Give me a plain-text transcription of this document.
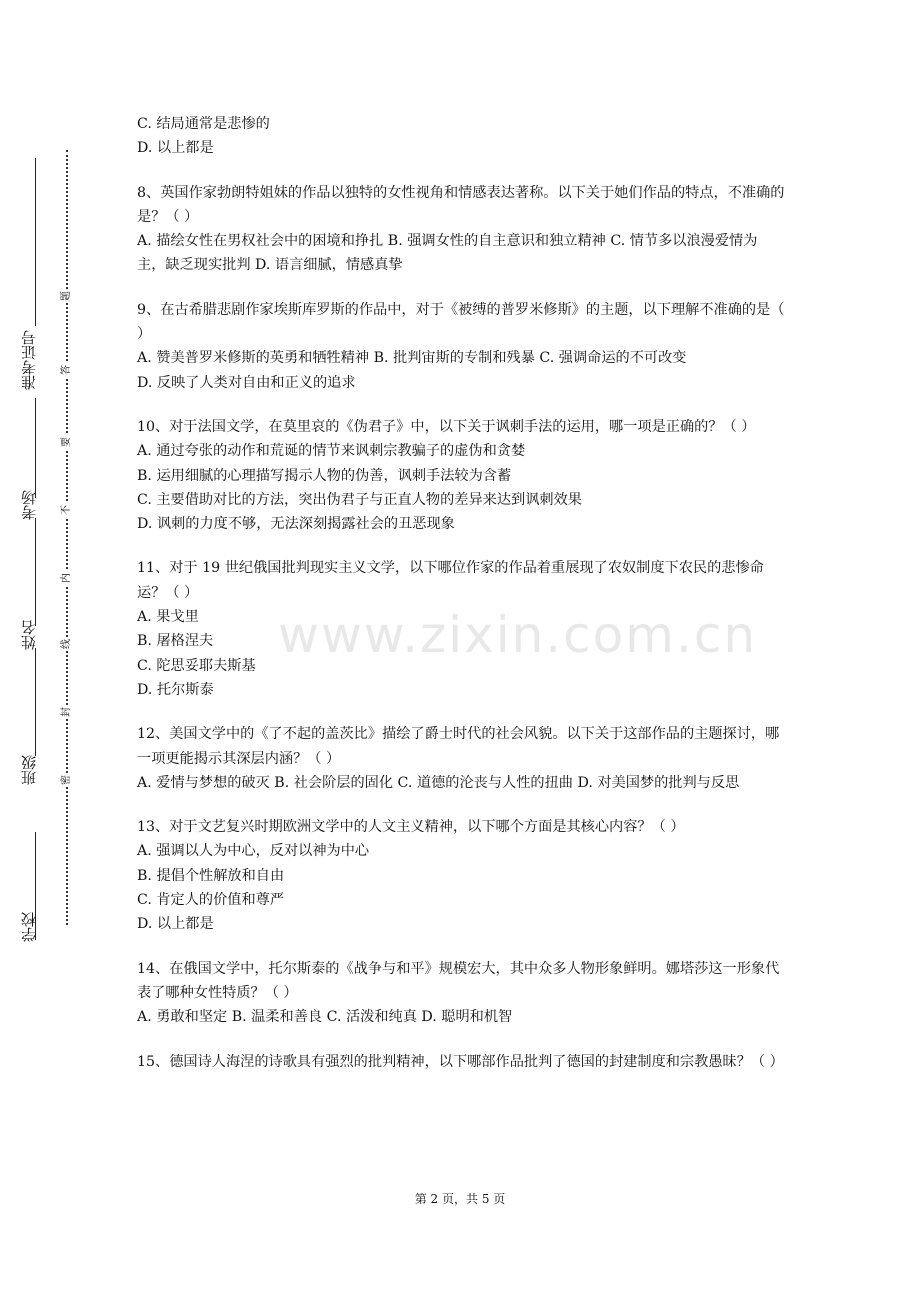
学校
班级
姓名
考场
准考证号
密
封
线
内
不
要
答
题
www.zixin.com.cn

C. 结局通常是悲惨的
D. 以上都是

8、英国作家勃朗特姐妹的作品以独特的女性视角和情感表达著称。以下关于她们作品的特点，不准确的是？（ ）

A. 描绘女性在男权社会中的困境和挣扎 B. 强调女性的自主意识和独立精神 C. 情节多以浪漫爱情为主，缺乏现实批判 D. 语言细腻，情感真挚

9、在古希腊悲剧作家埃斯库罗斯的作品中，对于《被缚的普罗米修斯》的主题，以下理解不准确的是（ ）

A. 赞美普罗米修斯的英勇和牺牲精神 B. 批判宙斯的专制和残暴 C. 强调命运的不可改变
D. 反映了人类对自由和正义的追求

10、对于法国文学，在莫里哀的《伪君子》中，以下关于讽刺手法的运用，哪一项是正确的？（ ）

A. 通过夸张的动作和荒诞的情节来讽刺宗教骗子的虚伪和贪婪
B. 运用细腻的心理描写揭示人物的伪善，讽刺手法较为含蓄
C. 主要借助对比的方法，突出伪君子与正直人物的差异来达到讽刺效果
D. 讽刺的力度不够，无法深刻揭露社会的丑恶现象

11、对于 19 世纪俄国批判现实主义文学，以下哪位作家的作品着重展现了农奴制度下农民的悲惨命运？（ ）

A. 果戈里
B. 屠格涅夫
C. 陀思妥耶夫斯基
D. 托尔斯泰

12、美国文学中的《了不起的盖茨比》描绘了爵士时代的社会风貌。以下关于这部作品的主题探讨，哪一项更能揭示其深层内涵？（ ）

A. 爱情与梦想的破灭 B. 社会阶层的固化 C. 道德的沦丧与人性的扭曲 D. 对美国梦的批判与反思

13、对于文艺复兴时期欧洲文学中的人文主义精神，以下哪个方面是其核心内容？（ ）

A. 强调以人为中心，反对以神为中心
B. 提倡个性解放和自由
C. 肯定人的价值和尊严
D. 以上都是

14、在俄国文学中，托尔斯泰的《战争与和平》规模宏大，其中众多人物形象鲜明。娜塔莎这一形象代表了哪种女性特质？（ ）

A. 勇敢和坚定 B. 温柔和善良 C. 活泼和纯真 D. 聪明和机智

15、德国诗人海涅的诗歌具有强烈的批判精神，以下哪部作品批判了德国的封建制度和宗教愚昧？（ ）

第 2 页，共 5 页
